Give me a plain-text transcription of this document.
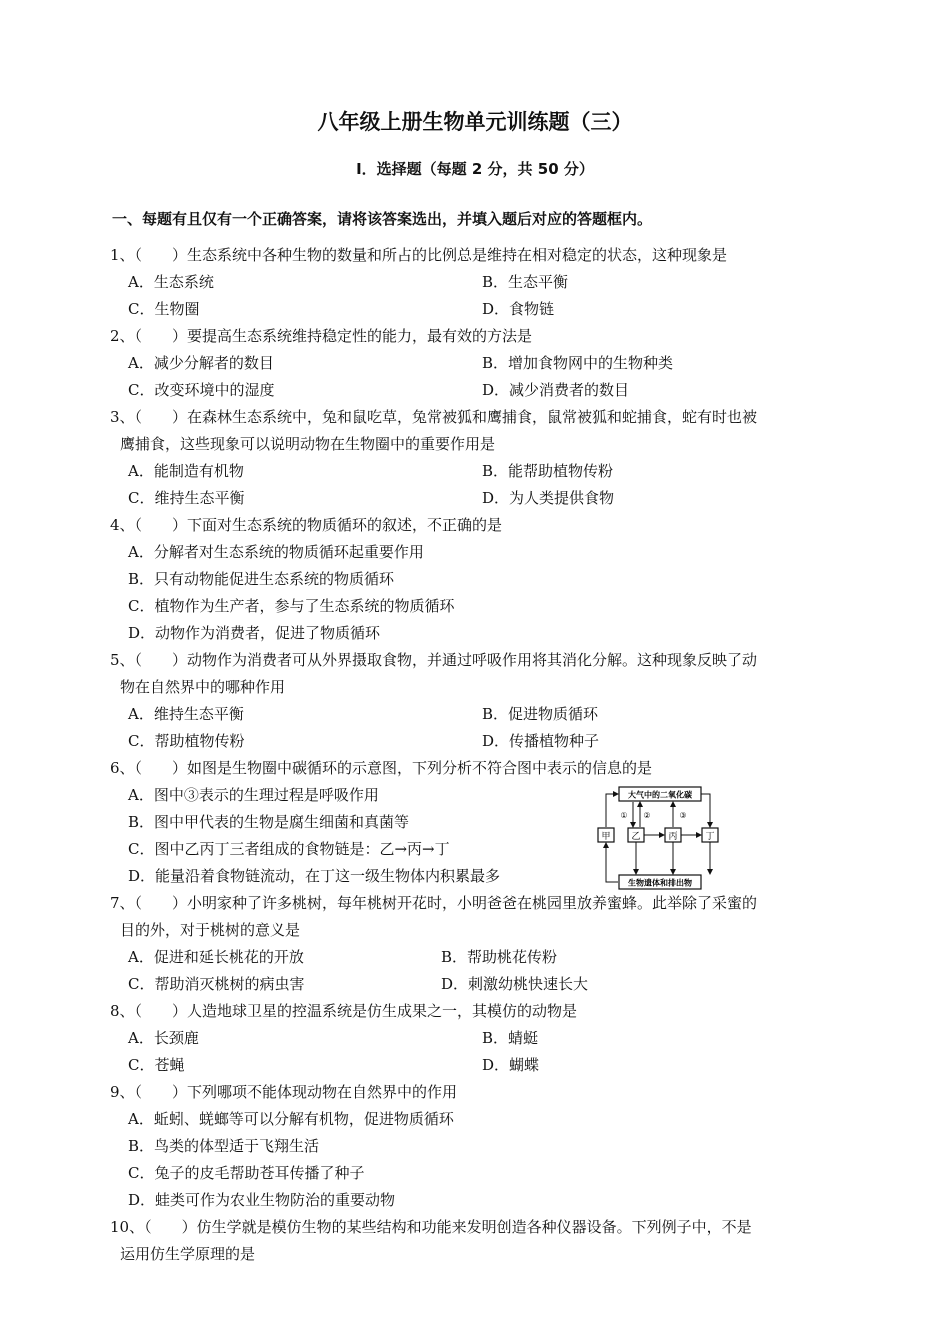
八年级上册生物单元训练题（三）
Ⅰ．选择题（每题 2 分，共 50 分）
一、每题有且仅有一个正确答案，请将该答案选出，并填入题后对应的答题框内。
1、（　　）生态系统中各种生物的数量和所占的比例总是维持在相对稳定的状态，这种现象是
A．生态系统	B．生态平衡
C．生物圈	D．食物链
2、（　　）要提高生态系统维持稳定性的能力，最有效的方法是
A．减少分解者的数目	B．增加食物网中的生物种类
C．改变环境中的湿度	D．减少消费者的数目
3、（　　）在森林生态系统中，兔和鼠吃草，兔常被狐和鹰捕食，鼠常被狐和蛇捕食，蛇有时也被
鹰捕食，这些现象可以说明动物在生物圈中的重要作用是
A．能制造有机物	B．能帮助植物传粉
C．维持生态平衡	D．为人类提供食物
4、（　　）下面对生态系统的物质循环的叙述，不正确的是
A．分解者对生态系统的物质循环起重要作用
B．只有动物能促进生态系统的物质循环
C．植物作为生产者，参与了生态系统的物质循环
D．动物作为消费者，促进了物质循环
5、（　　）动物作为消费者可从外界摄取食物，并通过呼吸作用将其消化分解。这种现象反映了动
物在自然界中的哪种作用
A．维持生态平衡	B．促进物质循环
C．帮助植物传粉	D．传播植物种子
6、（　　）如图是生物圈中碳循环的示意图，下列分析不符合图中表示的信息的是
A．图中③表示的生理过程是呼吸作用
B．图中甲代表的生物是腐生细菌和真菌等
C．图中乙丙丁三者组成的食物链是：乙→丙→丁
D．能量沿着食物链流动，在丁这一级生物体内积累最多
7、（　　）小明家种了许多桃树，每年桃树开花时，小明爸爸在桃园里放养蜜蜂。此举除了采蜜的
目的外，对于桃树的意义是
A．促进和延长桃花的开放	B．帮助桃花传粉
C．帮助消灭桃树的病虫害	D．刺激幼桃快速长大
8、（　　）人造地球卫星的控温系统是仿生成果之一，其模仿的动物是
A．长颈鹿	B．蜻蜓
C．苍蝇	D．蝴蝶
9、（　　）下列哪项不能体现动物在自然界中的作用
A．蚯蚓、蜣螂等可以分解有机物，促进物质循环
B．鸟类的体型适于飞翔生活
C．兔子的皮毛帮助苍耳传播了种子
D．蛙类可作为农业生物防治的重要动物
10、（　　）仿生学就是模仿生物的某些结构和功能来发明创造各种仪器设备。下列例子中，不是
运用仿生学原理的是
大气中的二氧化碳
生物遗体和排出物
甲 乙	丙	丁
① ②	③
